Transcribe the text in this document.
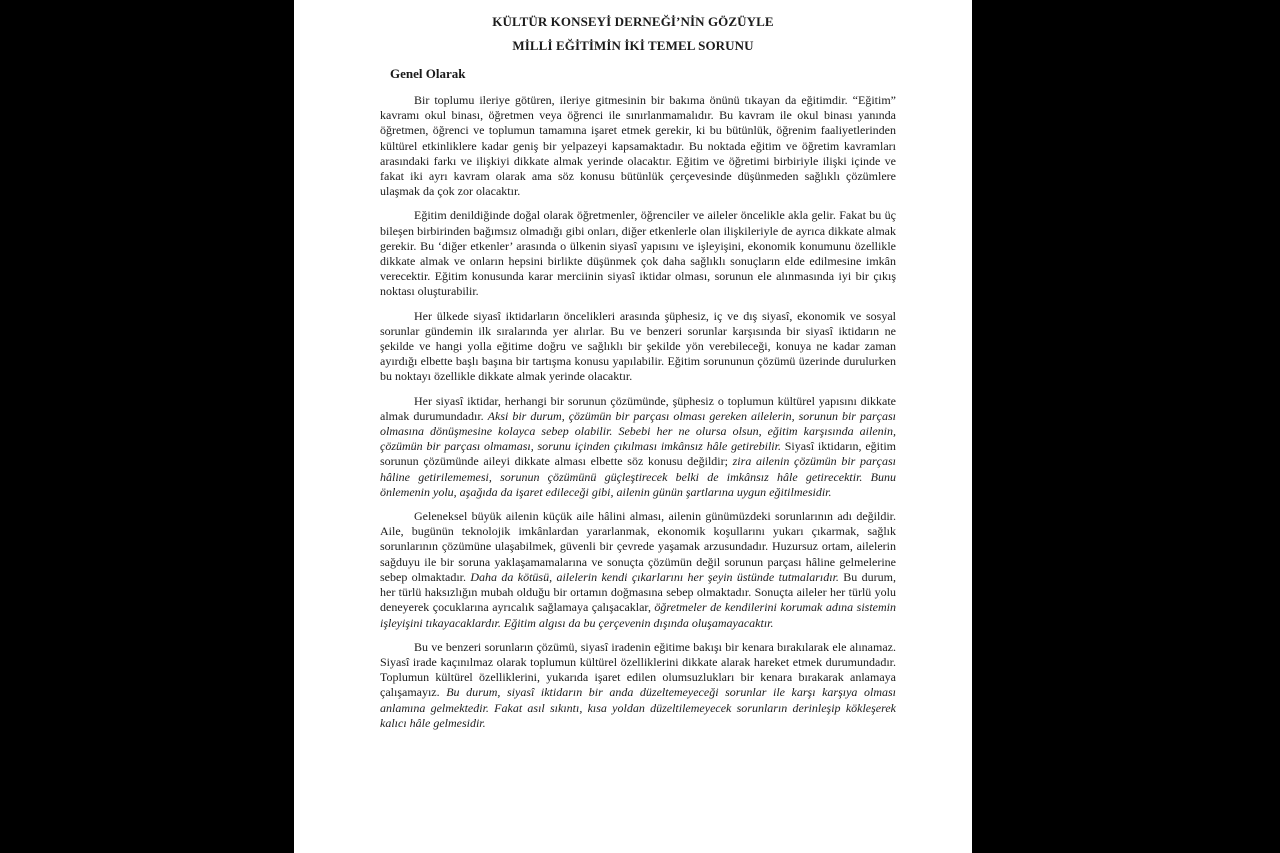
KÜLTÜR KONSEYİ DERNEĞİ’NİN GÖZÜYLE
MİLLİ EĞİTİMİN İKİ TEMEL SORUNU
Genel Olarak

Bir toplumu ileriye götüren, ileriye gitmesinin bir bakıma önünü tıkayan da eğitimdir. “Eğitim” kavramı okul binası, öğretmen veya öğrenci ile sınırlanmamalıdır. Bu kavram ile okul binası yanında öğretmen, öğrenci ve toplumun tamamına işaret etmek gerekir, ki bu bütünlük, öğrenim faaliyetlerinden kültürel etkinliklere kadar geniş bir yelpazeyi kapsamaktadır. Bu noktada eğitim ve öğretim kavramları arasındaki farkı ve ilişkiyi dikkate almak yerinde olacaktır. Eğitim ve öğretimi birbiriyle ilişki içinde ve fakat iki ayrı kavram olarak ama söz konusu bütünlük çerçevesinde düşünmeden sağlıklı çözümlere ulaşmak da çok zor olacaktır.

Eğitim denildiğinde doğal olarak öğretmenler, öğrenciler ve aileler öncelikle akla gelir. Fakat bu üç bileşen birbirinden bağımsız olmadığı gibi onları, diğer etkenlerle olan ilişkileriyle de ayrıca dikkate almak gerekir. Bu ‘diğer etkenler’ arasında o ülkenin siyasî yapısını ve işleyişini, ekonomik konumunu özellikle dikkate almak ve onların hepsini birlikte düşünmek çok daha sağlıklı sonuçların elde edilmesine imkân verecektir. Eğitim konusunda karar merciinin siyasî iktidar olması, sorunun ele alınmasında iyi bir çıkış noktası oluşturabilir.

Her ülkede siyasî iktidarların öncelikleri arasında şüphesiz, iç ve dış siyasî, ekonomik ve sosyal sorunlar gündemin ilk sıralarında yer alırlar. Bu ve benzeri sorunlar karşısında bir siyasî iktidarın ne şekilde ve hangi yolla eğitime doğru ve sağlıklı bir şekilde yön verebileceği, konuya ne kadar zaman ayırdığı elbette başlı başına bir tartışma konusu yapılabilir. Eğitim sorununun çözümü üzerinde durulurken bu noktayı özellikle dikkate almak yerinde olacaktır.

Her siyasî iktidar, herhangi bir sorunun çözümünde, şüphesiz o toplumun kültürel yapısını dikkate almak durumundadır. Aksi bir durum, çözümün bir parçası olması gereken ailelerin, sorunun bir parçası olmasına dönüşmesine kolayca sebep olabilir. Sebebi her ne olursa olsun, eğitim karşısında ailenin, çözümün bir parçası olmaması, sorunu içinden çıkılması imkânsız hâle getirebilir. Siyasî iktidarın, eğitim sorunun çözümünde aileyi dikkate alması elbette söz konusu değildir; zira ailenin çözümün bir parçası hâline getirilememesi, sorunun çözümünü güçleştirecek belki de imkânsız hâle getirecektir. Bunu önlemenin yolu, aşağıda da işaret edileceği gibi, ailenin günün şartlarına uygun eğitilmesidir.

Geleneksel büyük ailenin küçük aile hâlini alması, ailenin günümüzdeki sorunlarının adı değildir. Aile, bugünün teknolojik imkânlardan yararlanmak, ekonomik koşullarını yukarı çıkarmak, sağlık sorunlarının çözümüne ulaşabilmek, güvenli bir çevrede yaşamak arzusundadır. Huzursuz ortam, ailelerin sağduyu ile bir soruna yaklaşamamalarına ve sonuçta çözümün değil sorunun parçası hâline gelmelerine sebep olmaktadır. Daha da kötüsü, ailelerin kendi çıkarlarını her şeyin üstünde tutmalarıdır. Bu durum, her türlü haksızlığın mubah olduğu bir ortamın doğmasına sebep olmaktadır. Sonuçta aileler her türlü yolu deneyerek çocuklarına ayrıcalık sağlamaya çalışacaklar, öğretmeler de kendilerini korumak adına sistemin işleyişini tıkayacaklardır. Eğitim algısı da bu çerçevenin dışında oluşamayacaktır.

Bu ve benzeri sorunların çözümü, siyasî iradenin eğitime bakışı bir kenara bırakılarak ele alınamaz. Siyasî irade kaçınılmaz olarak toplumun kültürel özelliklerini dikkate alarak hareket etmek durumundadır. Toplumun kültürel özelliklerini, yukarıda işaret edilen olumsuzlukları bir kenara bırakarak anlamaya çalışamayız. Bu durum, siyasî iktidarın bir anda düzeltemeyeceği sorunlar ile karşı karşıya olması anlamına gelmektedir. Fakat asıl sıkıntı, kısa yoldan düzeltilemeyecek sorunların derinleşip kökleşerek kalıcı hâle gelmesidir.
